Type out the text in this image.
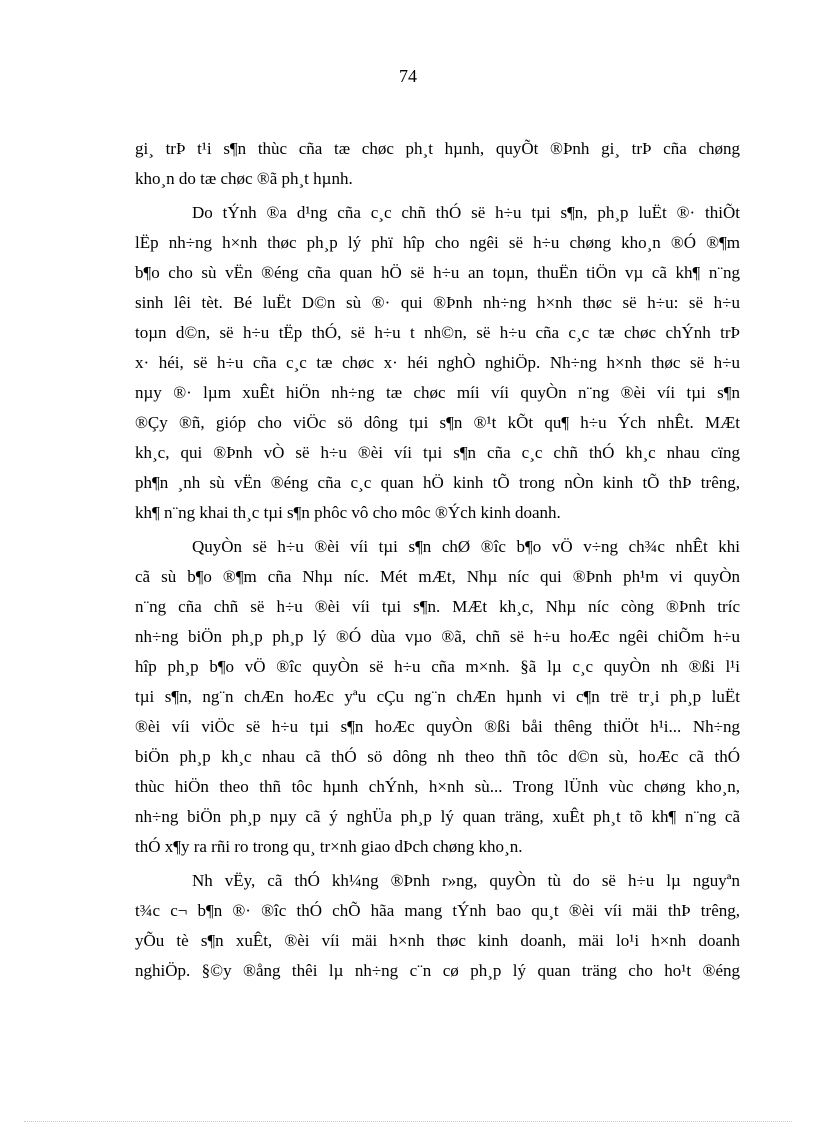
74

gi¸ trÞ t¹i s¶n thùc cña tæ chøc ph¸t hµnh, quyÕt ®Þnh gi¸ trÞ cña chøng
kho¸n do tæ chøc ®ã ph¸t hµnh.

Do tÝnh ®a d¹ng cña c¸c chñ thÓ së h÷u tµi s¶n, ph¸p luËt ®· thiÕt
lËp nh÷ng h×nh thøc ph¸p lý phï hîp cho ngêi së h÷u chøng kho¸n ®Ó ®¶m
b¶o cho sù vËn ®éng cña quan hÖ së h÷u an toµn, thuËn tiÖn vµ cã kh¶ n¨ng
sinh lêi tèt. Bé luËt D©n sù ®· qui ®Þnh nh÷ng h×nh thøc së h÷u: së h÷u
toµn d©n, së h÷u tËp thÓ, së h÷u t nh©n, së h÷u cña c¸c tæ chøc chÝnh trÞ
x· héi, së h÷u cña c¸c tæ chøc x· héi nghÒ nghiÖp. Nh÷ng h×nh thøc së h÷u
nµy ®· lµm xuÊt hiÖn nh÷ng tæ chøc míi víi quyÒn n¨ng ®èi víi tµi s¶n
®Çy ®ñ, gióp cho viÖc sö dông tµi s¶n ®¹t kÕt qu¶ h÷u Ých nhÊt. MÆt
kh¸c, qui ®Þnh vÒ së h÷u ®èi víi tµi s¶n cña c¸c chñ thÓ kh¸c nhau cïng
ph¶n ¸nh sù vËn ®éng cña c¸c quan hÖ kinh tÕ trong nÒn kinh tÕ thÞ trêng,
kh¶ n¨ng khai th¸c tµi s¶n phôc vô cho môc ®Ých kinh doanh.

QuyÒn së h÷u ®èi víi tµi s¶n chØ ®îc b¶o vÖ v÷ng ch¾c nhÊt khi
cã sù b¶o ®¶m cña Nhµ níc. Mét mÆt, Nhµ níc qui ®Þnh ph¹m vi quyÒn
n¨ng cña chñ së h÷u ®èi víi tµi s¶n. MÆt kh¸c, Nhµ níc còng ®Þnh tríc
nh÷ng biÖn ph¸p ph¸p lý ®Ó dùa vµo ®ã, chñ së h÷u hoÆc ngêi chiÕm h÷u
hîp ph¸p b¶o vÖ ®îc quyÒn së h÷u cña m×nh. §ã lµ c¸c quyÒn nh ®ßi l¹i
tµi s¶n, ng¨n chÆn hoÆc yªu cÇu ng¨n chÆn hµnh vi c¶n trë tr¸i ph¸p luËt
®èi víi viÖc së h÷u tµi s¶n hoÆc quyÒn ®ßi båi thêng thiÖt h¹i... Nh÷ng
biÖn ph¸p kh¸c nhau cã thÓ sö dông nh theo thñ tôc d©n sù, hoÆc cã thÓ
thùc hiÖn theo thñ tôc hµnh chÝnh, h×nh sù... Trong lÜnh vùc chøng kho¸n,
nh÷ng biÖn ph¸p nµy cã ý nghÜa ph¸p lý quan träng, xuÊt ph¸t tõ kh¶ n¨ng cã
thÓ x¶y ra rñi ro trong qu¸ tr×nh giao dÞch chøng kho¸n.

Nh vËy, cã thÓ kh¼ng ®Þnh r»ng, quyÒn tù do së h÷u lµ nguyªn
t¾c c¬ b¶n ®· ®îc thÓ chÕ hãa mang tÝnh bao qu¸t ®èi víi mäi thÞ trêng,
yÕu tè s¶n xuÊt, ®èi víi mäi h×nh thøc kinh doanh, mäi lo¹i h×nh doanh
nghiÖp. §©y ®ång thêi lµ nh÷ng c¨n cø ph¸p lý quan träng cho ho¹t ®éng
